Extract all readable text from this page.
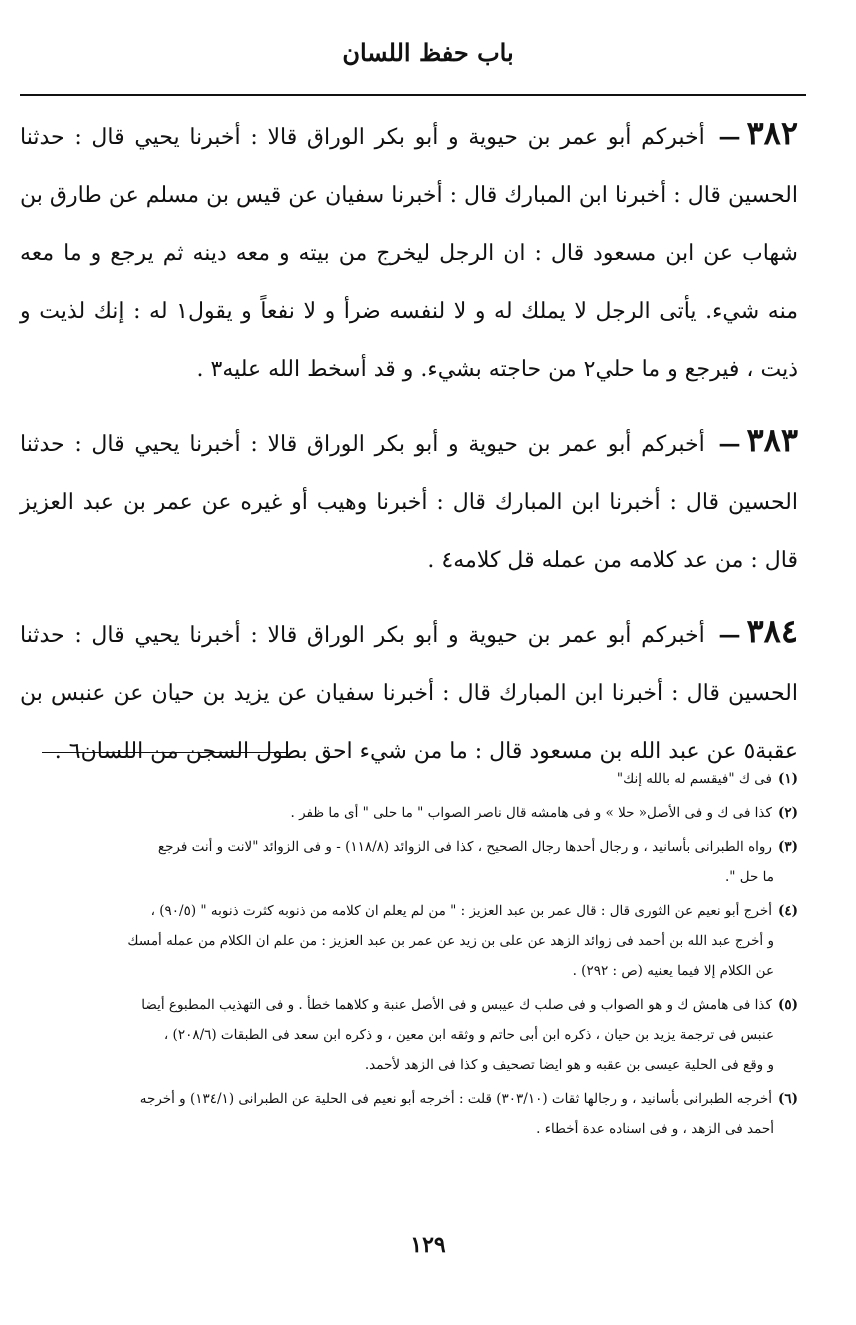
باب حفظ اللسان

٣٨٢— أخبركم أبو عمر بن حيوية و أبو بكر الوراق قالا : أخبرنا يحيي قال : حدثنا الحسين قال : أخبرنا ابن المبارك قال : أخبرنا سفيان عن قيس بن مسلم عن طارق بن شهاب عن ابن مسعود قال : ان الرجل ليخرج من بيته و معه دينه ثم يرجع و ما معه منه شيء. يأتى الرجل لا يملك له و لا لنفسه ضرأ و لا نفعاً و يقول١ له : إنك لذيت و ذيت ، فيرجع و ما حلي٢ من حاجته بشيء. و قد أسخط الله عليه٣ .

٣٨٣— أخبركم أبو عمر بن حيوية و أبو بكر الوراق قالا : أخبرنا يحيي قال : حدثنا الحسين قال : أخبرنا ابن المبارك قال : أخبرنا وهيب أو غيره عن عمر بن عبد العزيز قال : من عد كلامه من عمله قل كلامه٤ .

٣٨٤— أخبركم أبو عمر بن حيوية و أبو بكر الوراق قالا : أخبرنا يحيي قال : حدثنا الحسين قال : أخبرنا ابن المبارك قال : أخبرنا سفيان عن يزيد بن حيان عن عنبس بن عقبة٥ عن عبد الله بن مسعود قال : ما من شيء احق بطول السجن من اللسان٦ .

(١)فى ك "فيقسم له بالله إنك"
(٢)كذا فى ك و فى الأصل« حلا » و فى هامشه قال ناصر الصواب " ما حلى " أى ما ظفر .
(٣)رواه الطبرانى بأسانيد ، و رجال أحدها رجال الصحيح ، كذا فى الزوائد (١١٨/٨) - و فى الزوائد "لانت و أنت فرجع
ما حل ".
(٤)أخرج أبو نعيم عن الثورى قال : قال عمر بن عبد العزيز : " من لم يعلم ان كلامه من ذنوبه كثرت ذنوبه " (٩٠/٥) ،
و أخرج عبد الله بن أحمد فى زوائد الزهد عن على بن زيد عن عمر بن عبد العزيز : من علم ان الكلام من عمله أمسك
عن الكلام إلا فيما يعنيه (ص : ٢٩٢) .
(٥)كذا فى هامش ك و هو الصواب و فى صلب ك عيبس و فى الأصل عنبة و كلاهما خطأ . و فى التهذيب المطبوع أيضا
عنبس فى ترجمة يزيد بن حيان ، ذكره ابن أبى حاتم و وثقه ابن معين ، و ذكره ابن سعد فى الطبقات (٢٠٨/٦) ،
و وقع فى الحلية عيسى بن عقبه و هو ايضا تصحيف و كذا فى الزهد لأحمد.
(٦)أخرجه الطبرانى بأسانيد ، و رجالها ثقات (٣٠٣/١٠) قلت : أخرجه أبو نعيم فى الحلية عن الطبرانى (١٣٤/١) و أخرجه
أحمد فى الزهد ، و فى اسناده عدة أخطاء .
١٢٩
